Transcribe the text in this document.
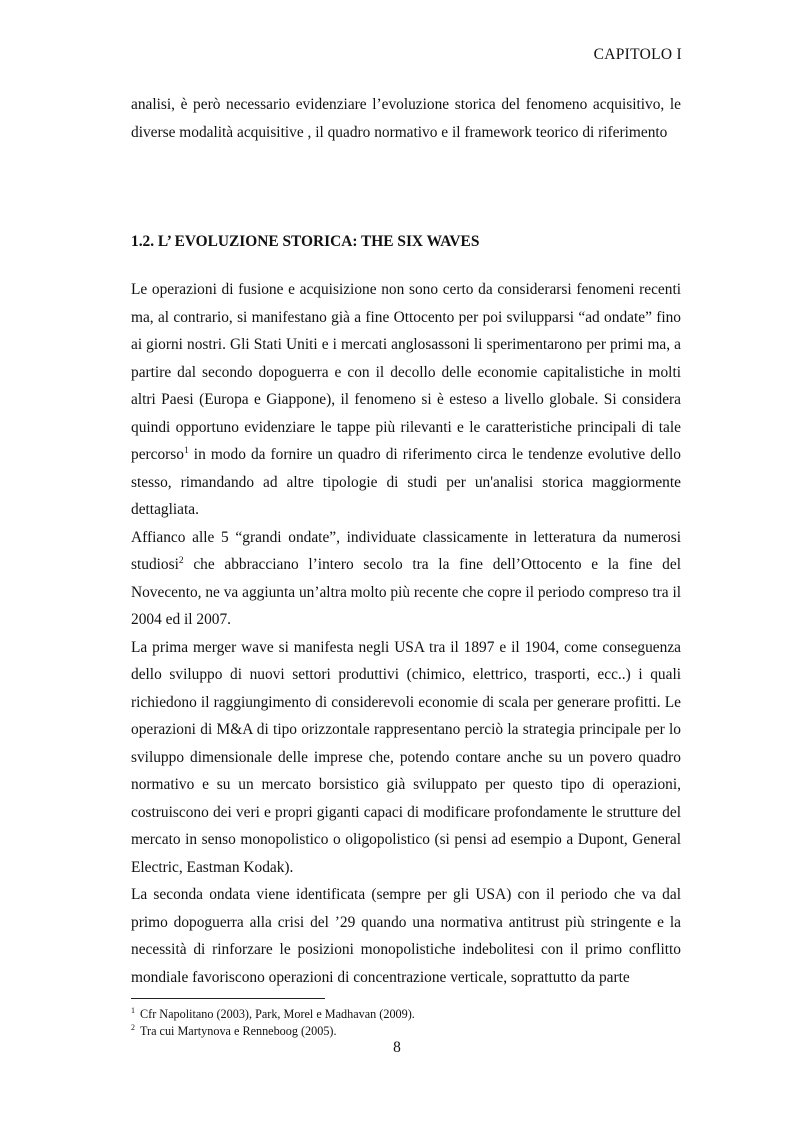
CAPITOLO I

analisi, è però necessario evidenziare l’evoluzione storica del fenomeno acquisitivo, le diverse modalità acquisitive , il quadro normativo e il framework teorico di riferimento

1.2. L’ EVOLUZIONE STORICA: THE SIX WAVES

Le operazioni di fusione e acquisizione non sono certo da considerarsi fenomeni recenti ma, al contrario, si manifestano già a fine Ottocento per poi svilupparsi “ad ondate” fino ai giorni nostri. Gli Stati Uniti e i mercati anglosassoni li sperimentarono per primi ma, a partire dal secondo dopoguerra e con il decollo delle economie capitalistiche in molti altri Paesi (Europa e Giappone), il fenomeno si è esteso a livello globale. Si considera quindi opportuno evidenziare le tappe più rilevanti e le caratteristiche principali di tale percorso$^1$ in modo da fornire un quadro di riferimento circa le tendenze evolutive dello stesso, rimandando ad altre tipologie di studi per un'analisi storica maggiormente dettagliata.

Affianco alle 5 “grandi ondate”, individuate classicamente in letteratura da numerosi studiosi$^2$ che abbracciano l’intero secolo tra la fine dell’Ottocento e la fine del Novecento, ne va aggiunta un’altra molto più recente che copre il periodo compreso tra il 2004 ed il 2007.

La prima merger wave si manifesta negli USA tra il 1897 e il 1904, come conseguenza dello sviluppo di nuovi settori produttivi (chimico, elettrico, trasporti, ecc..) i quali richiedono il raggiungimento di considerevoli economie di scala per generare profitti. Le operazioni di M&A di tipo orizzontale rappresentano perciò la strategia principale per lo sviluppo dimensionale delle imprese che, potendo contare anche su un povero quadro normativo e su un mercato borsistico già sviluppato per questo tipo di operazioni, costruiscono dei veri e propri giganti capaci di modificare profondamente le strutture del mercato in senso monopolistico o oligopolistico (si pensi ad esempio a Dupont, General Electric, Eastman Kodak).

La seconda ondata viene identificata (sempre per gli USA) con il periodo che va dal primo dopoguerra alla crisi del ’29 quando una normativa antitrust più stringente e la necessità di rinforzare le posizioni monopolistiche indebolitesi con il primo conflitto mondiale favoriscono operazioni di concentrazione verticale, soprattutto da parte

$^1$ Cfr Napolitano (2003), Park, Morel e Madhavan (2009).
$^2$ Tra cui Martynova e Renneboog (2005).
8
